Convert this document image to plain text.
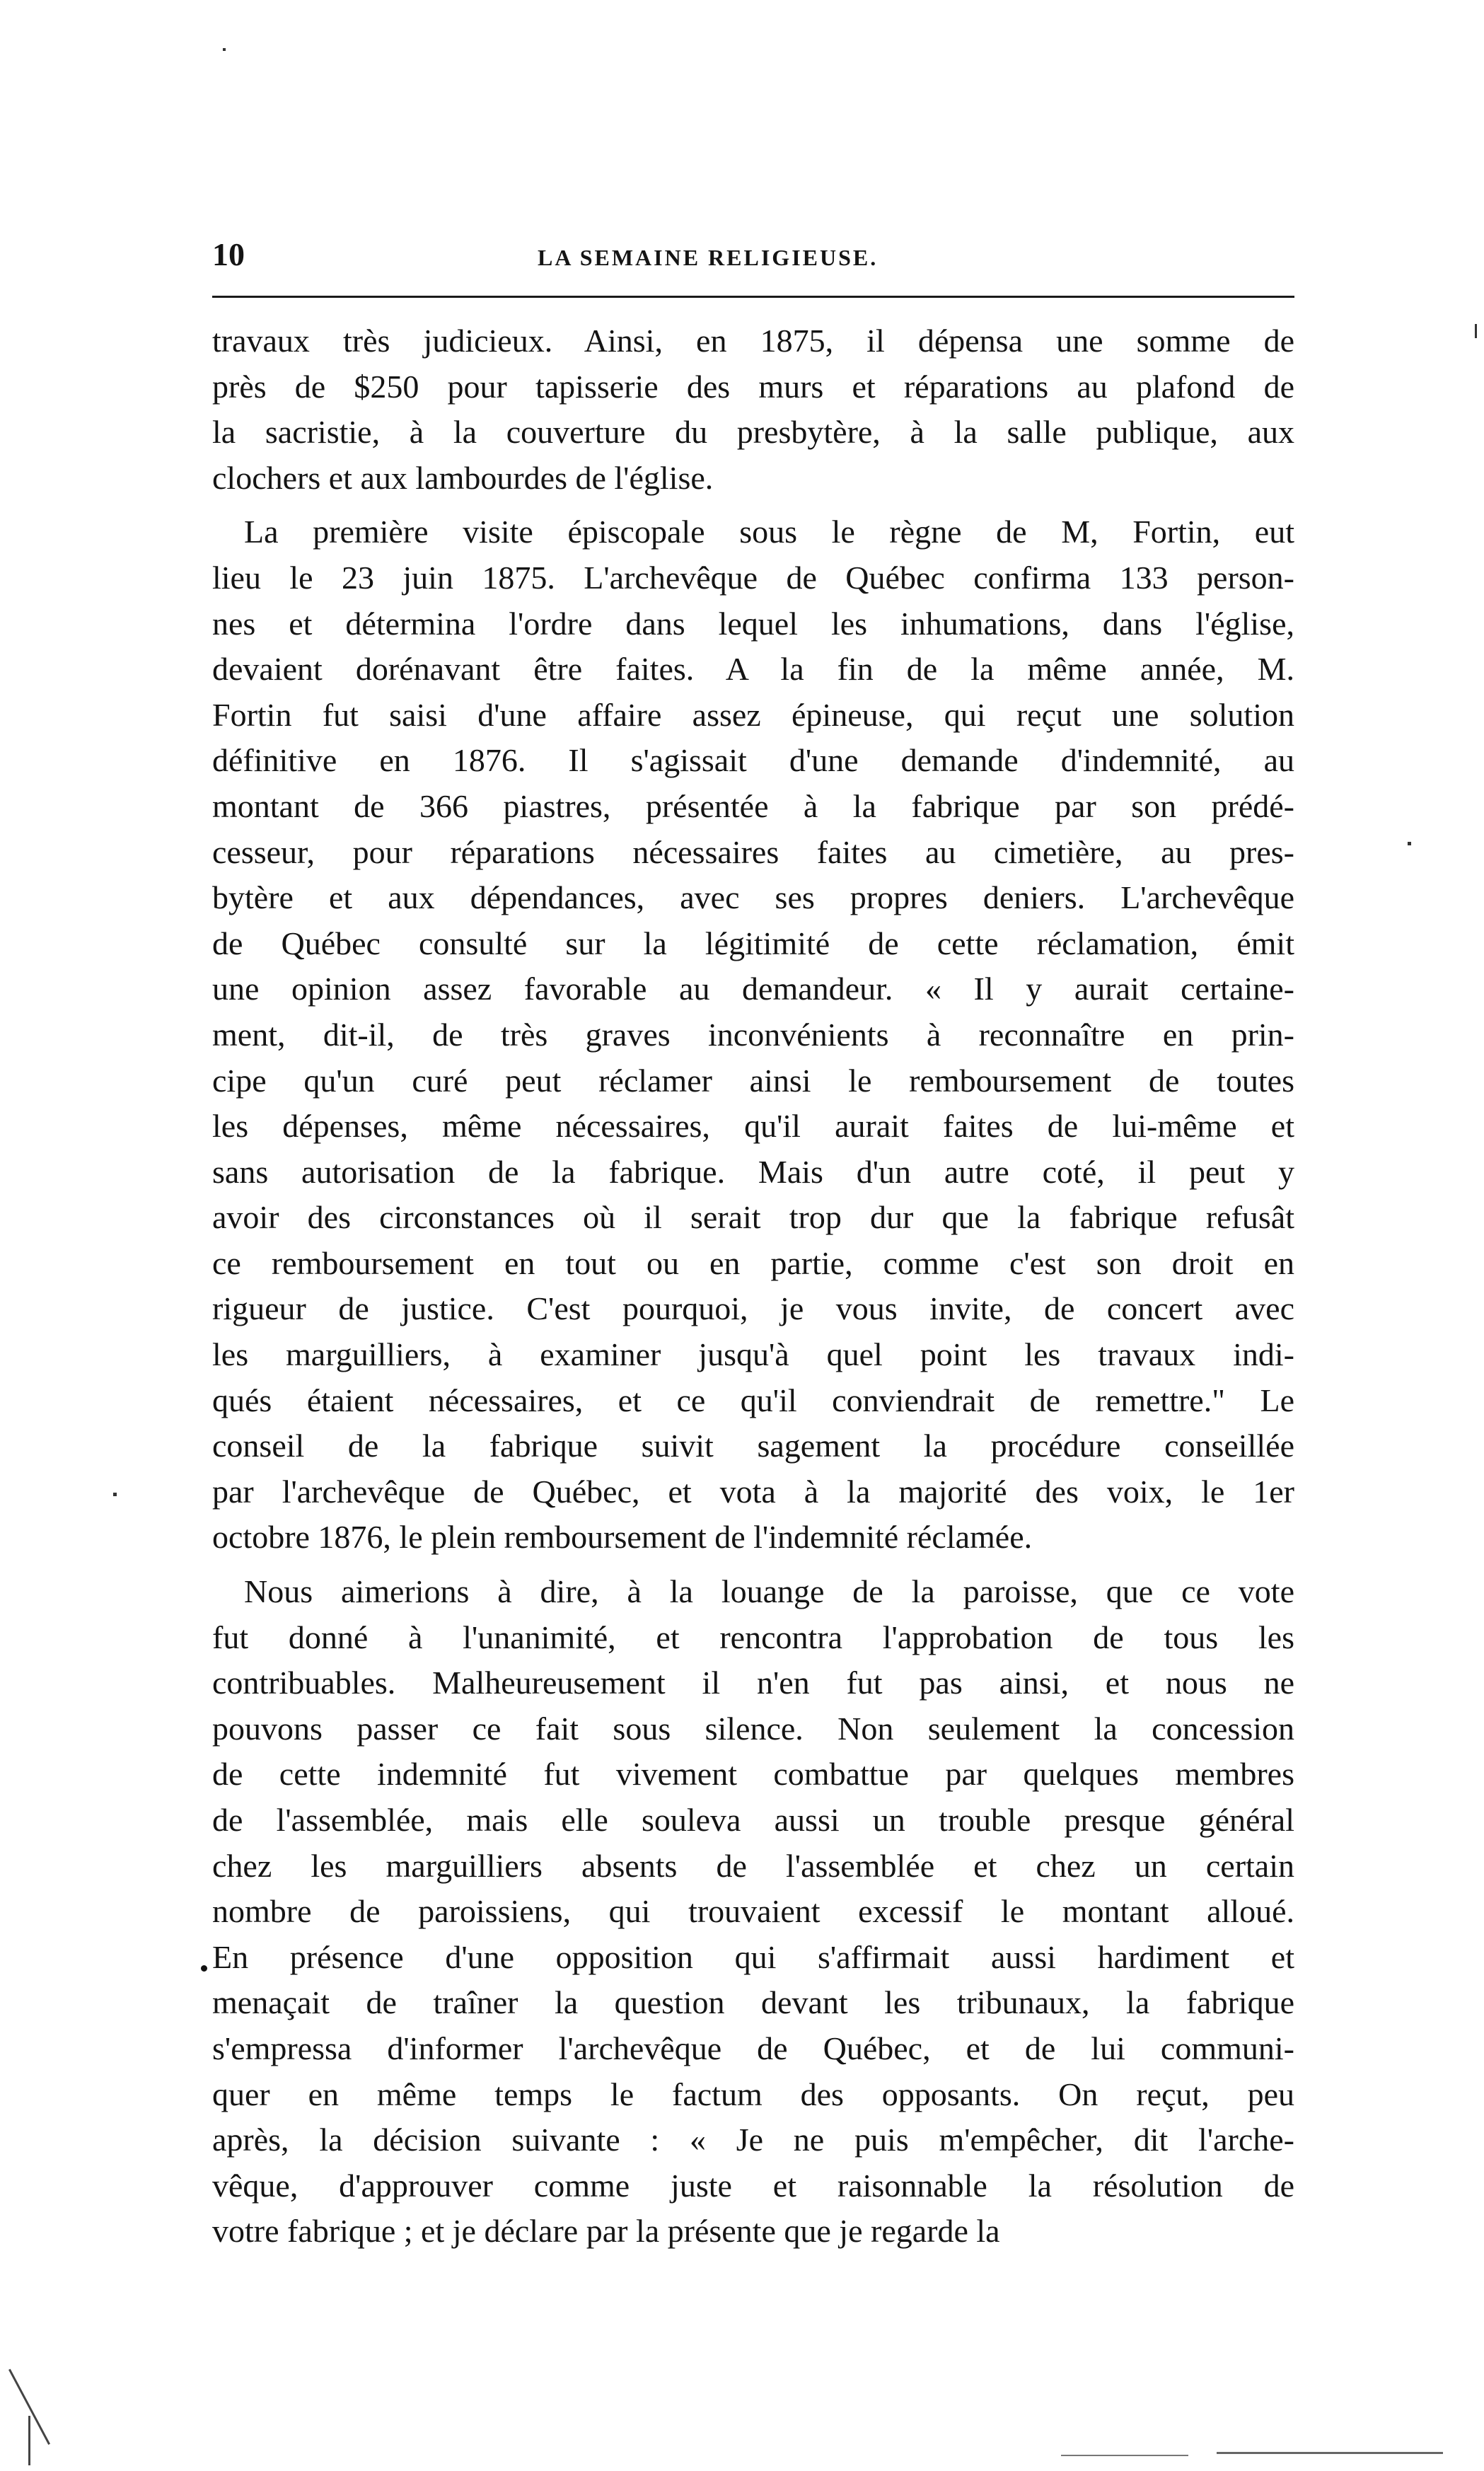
10	LA SEMAINE RELIGIEUSE.
travaux très judicieux. Ainsi, en 1875, il dépensa une somme de
près de $250 pour tapisserie des murs et réparations au plafond de
la sacristie, à la couverture du presbytère, à la salle publique, aux
clochers et aux lambourdes de l'église.
La première visite épiscopale sous le règne de M, Fortin, eut
lieu le 23 juin 1875. L'archevêque de Québec confirma 133 person-
nes et détermina l'ordre dans lequel les inhumations, dans l'église,
devaient dorénavant être faites. A la fin de la même année, M.
Fortin fut saisi d'une affaire assez épineuse, qui reçut une solution
définitive en 1876. Il s'agissait d'une demande d'indemnité, au
montant de 366 piastres, présentée à la fabrique par son prédé-
cesseur, pour réparations nécessaires faites au cimetière, au pres-
bytère et aux dépendances, avec ses propres deniers. L'archevêque
de Québec consulté sur la légitimité de cette réclamation, émit
une opinion assez favorable au demandeur. « Il y aurait certaine-
ment, dit-il, de très graves inconvénients à reconnaître en prin-
cipe qu'un curé peut réclamer ainsi le remboursement de toutes
les dépenses, même nécessaires, qu'il aurait faites de lui-même et
sans autorisation de la fabrique. Mais d'un autre coté, il peut y
avoir des circonstances où il serait trop dur que la fabrique refusât
ce remboursement en tout ou en partie, comme c'est son droit en
rigueur de justice. C'est pourquoi, je vous invite, de concert avec
les marguilliers, à examiner jusqu'à quel point les travaux indi-
qués étaient nécessaires, et ce qu'il conviendrait de remettre." Le
conseil de la fabrique suivit sagement la procédure conseillée
par l'archevêque de Québec, et vota à la majorité des voix, le 1er
octobre 1876, le plein remboursement de l'indemnité réclamée.
Nous aimerions à dire, à la louange de la paroisse, que ce vote
fut donné à l'unanimité, et rencontra l'approbation de tous les
contribuables. Malheureusement il n'en fut pas ainsi, et nous ne
pouvons passer ce fait sous silence. Non seulement la concession
de cette indemnité fut vivement combattue par quelques membres
de l'assemblée, mais elle souleva aussi un trouble presque général
chez les marguilliers absents de l'assemblée et chez un certain
nombre de paroissiens, qui trouvaient excessif le montant alloué.
En présence d'une opposition qui s'affirmait aussi hardiment et
menaçait de traîner la question devant les tribunaux, la fabrique
s'empressa d'informer l'archevêque de Québec, et de lui communi-
quer en même temps le factum des opposants. On reçut, peu
après, la décision suivante : « Je ne puis m'empêcher, dit l'arche-
vêque, d'approuver comme juste et raisonnable la résolution de
votre fabrique ; et je déclare par la présente que je regarde la
